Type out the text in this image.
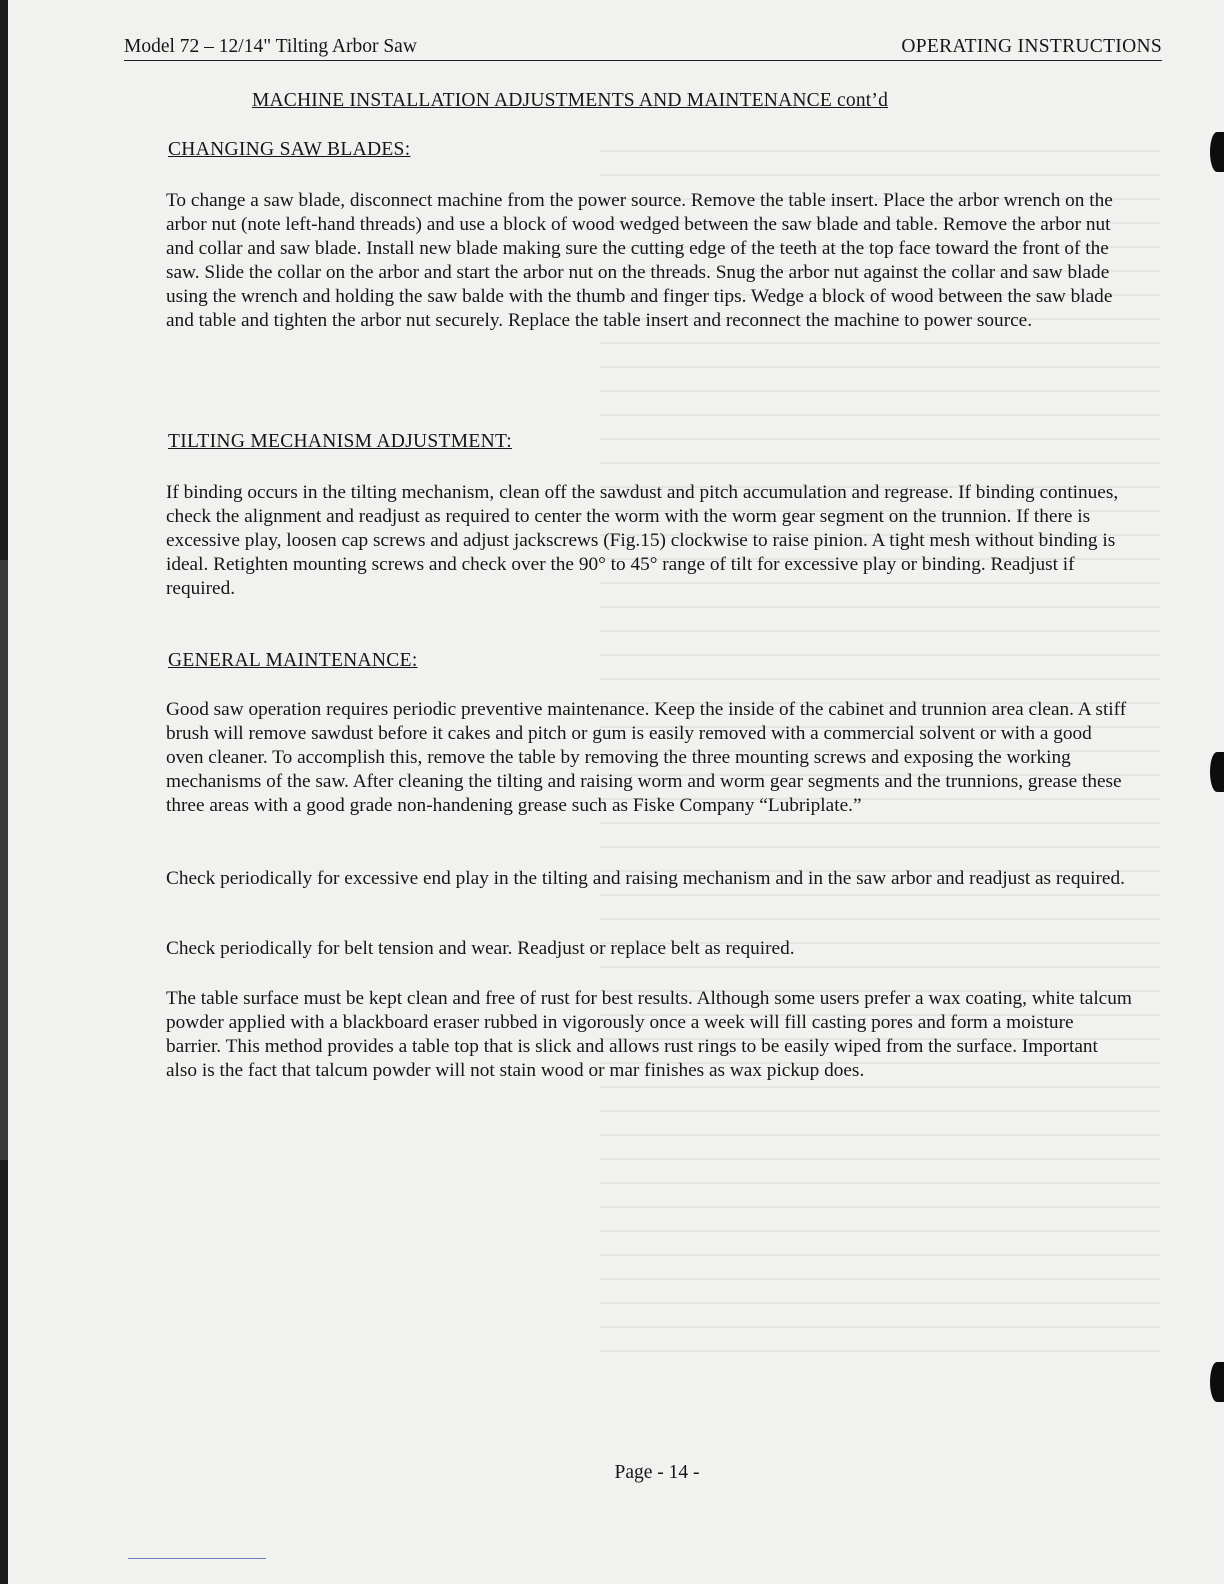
Model 72 – 12/14" Tilting Arbor Saw	OPERATING INSTRUCTIONS
MACHINE INSTALLATION ADJUSTMENTS AND MAINTENANCE cont’d
CHANGING SAW BLADES:

To change a saw blade, disconnect machine from the power source. Remove the table insert. Place the arbor wrench on the arbor nut (note left-hand threads) and use a block of wood wedged between the saw blade and table. Remove the arbor nut and collar and saw blade. Install new blade making sure the cutting edge of the teeth at the top face toward the front of the saw. Slide the collar on the arbor and start the arbor nut on the threads. Snug the arbor nut against the collar and saw blade using the wrench and holding the saw balde with the thumb and finger tips. Wedge a block of wood between the saw blade and table and tighten the arbor nut securely. Replace the table insert and reconnect the machine to power source.

TILTING MECHANISM ADJUSTMENT:

If binding occurs in the tilting mechanism, clean off the sawdust and pitch accumulation and regrease. If binding continues, check the alignment and readjust as required to center the worm with the worm gear segment on the trunnion. If there is excessive play, loosen cap screws and adjust jackscrews (Fig.15) clockwise to raise pinion. A tight mesh without binding is ideal. Retighten mounting screws and check over the 90° to 45° range of tilt for excessive play or binding. Readjust if required.

GENERAL MAINTENANCE:

Good saw operation requires periodic preventive maintenance. Keep the inside of the cabinet and trunnion area clean. A stiff brush will remove sawdust before it cakes and pitch or gum is easily removed with a commercial solvent or with a good oven cleaner. To accomplish this, remove the table by removing the three mounting screws and exposing the working mechanisms of the saw. After cleaning the tilting and raising worm and worm gear segments and the trunnions, grease these three areas with a good grade non-handening grease such as Fiske Company “Lubriplate.”

Check periodically for excessive end play in the tilting and raising mechanism and in the saw arbor and readjust as required.

Check periodically for belt tension and wear. Readjust or replace belt as required.

The table surface must be kept clean and free of rust for best results. Although some users prefer a wax coating, white talcum powder applied with a blackboard eraser rubbed in vigorously once a week will fill casting pores and form a moisture barrier. This method provides a table top that is slick and allows rust rings to be easily wiped from the surface. Important also is the fact that talcum powder will not stain wood or mar finishes as wax pickup does.

Page - 14 -
